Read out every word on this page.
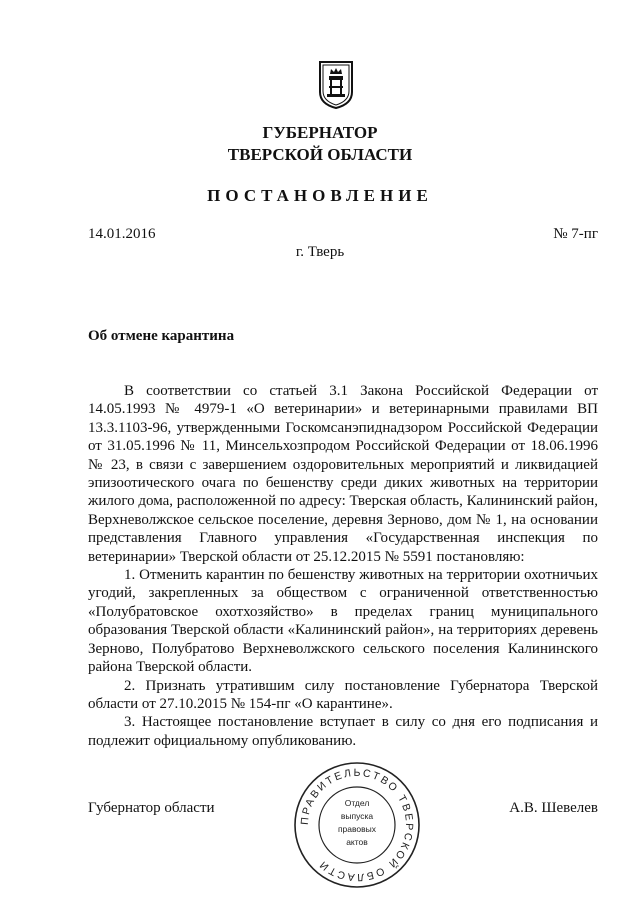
ГУБЕРНАТОР
ТВЕРСКОЙ ОБЛАСТИ
ПОСТАНОВЛЕНИЕ
14.01.2016	№ 7-пг
г. Тверь
Об отмене карантина

В соответствии со статьей 3.1 Закона Российской Федерации от 14.05.1993 № 4979-1 «О ветеринарии» и ветеринарными правилами ВП 13.3.1103-96, утвержденными Госкомсанэпиднадзором Российской Федерации от 31.05.1996 № 11, Минсельхозпродом Российской Федерации от 18.06.1996 № 23, в связи с завершением оздоровительных мероприятий и ликвидацией эпизоотического очага по бешенству среди диких животных на территории жилого дома, расположенной по адресу: Тверская область, Калининский район, Верхневолжское сельское поселение, деревня Зерново, дом № 1, на основании представления Главного управления «Государственная инспекция по ветеринарии» Тверской области от 25.12.2015 № 5591 постановляю:

1. Отменить карантин по бешенству животных на территории охотничьих угодий, закрепленных за обществом с ограниченной ответственностью «Полубратовское охотхозяйство» в пределах границ муниципального образования Тверской области «Калининский район», на территориях деревень Зерново, Полубратово Верхневолжского сельского поселения Калининского района Тверской области.

2. Признать утратившим силу постановление Губернатора Тверской области от 27.10.2015 № 154-пг «О карантине».

3. Настоящее постановление вступает в силу со дня его подписания и подлежит официальному опубликованию.

Губернатор области	А.В. Шевелев
ПРАВИТЕЛЬСТВО ТВЕРСКОЙ ОБЛАСТИ
Отдел
выпуска
правовых
актов
